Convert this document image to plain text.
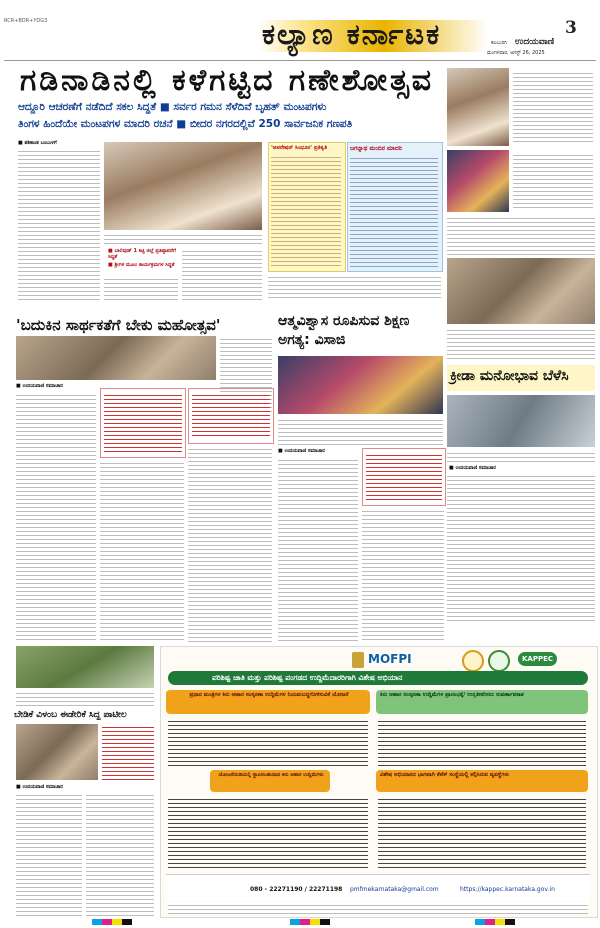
RCR+BDR+YDG3	ಕಲ್ಯಾಣ ಕರ್ನಾಟಕ	3
ಕಲಬುರಗಿ ಉದಯವಾಣಿ
ಮಂಗಳವಾರ, ಆಗಸ್ಟ್ 26, 2025
ಗಡಿನಾಡಿನಲ್ಲಿ ಕಳೆಗಟ್ಟಿದ ಗಣೇಶೋತ್ಸವ
ಆದ್ದೂರಿ ಆಚರಣೆಗೆ ನಡೆದಿದೆ ಸಕಲ ಸಿದ್ಧತೆ ■ ಸರ್ವರ ಗಮನ ಸೆಳೆದಿವೆ ಬೃಹತ್ ಮಂಟಪಗಳು
ತಿಂಗಳ ಹಿಂದೆಯೇ ಮಂಟಪಗಳ ಮಾದರಿ ರಚನೆ ■ ಬೀದರ ನಗರದಲ್ಲಿವೆ 250 ಸಾರ್ವಜನಿಕ ಗಣಪತಿ
ಕ್ರೀಡಾ ಮನೋಭಾವ ಬೆಳೆಸಿ
■ ಉದಯವಾಣಿ ಸಮಾಚಾರ
■ ಶಶಿಕಾಂತ ಬಂಬುಳಗೆ
■ ಬಾಲಿವುಡ್ 1 ಕಿಟ್ಟಿ ಜಿಲ್ಲೆ ಪ್ರತಿಷ್ಠಾಪನೆಗೆ ಸಿದ್ಧತೆ
■ ಶ್ರೀಗಳ ಮೂಲ ಕಾರ್ಯಕ್ರಮಗಳ ಸಿದ್ಧತೆ
'ಆಪರೇಷನ್ ಸಿಂಧೂರ' ಪ್ರತಿಕೃತಿ	ಜಗನ್ನಾಥ ಮಂದಿರ ಮಾದರಿ
'ಬದುಕಿನ ಸಾರ್ಥಕತೆಗೆ ಬೇಕು ಮಹೋತ್ಸವ'
■ ಉದಯವಾಣಿ ಸಮಾಚಾರ
ಆತ್ಮವಿಶ್ವಾಸ ರೂಪಿಸುವ ಶಿಕ್ಷಣ ಅಗತ್ಯ: ವಿಸಾಜಿ
■ ಉದಯವಾಣಿ ಸಮಾಚಾರ
ಬೇಡಿಕೆ ವಿಳಂಬ ಈಡೇರಿಕೆ ಸಿದ್ಧ ಪಾಟೀಲ
■ ಉದಯವಾಣಿ ಸಮಾಚಾರ
MOFPI	KAPPEC
ಪರಿಶಿಷ್ಟ ಜಾತಿ ಮತ್ತು ಪರಿಶಿಷ್ಟ ಪಂಗಡದ ಉದ್ದಿಮೆದಾರರಿಗಾಗಿ ವಿಶೇಷ ಅಭಿಯಾನ
ಪ್ರಧಾನ ಮಂತ್ರಿಗಳ ಕಿರು ಆಹಾರ ಸಂಸ್ಕರಣಾ ಉದ್ದಿಮೆಗಳ ನಿಯಮಬದ್ಧಗೊಳಿಸುವಿಕೆ ಯೋಜನೆ
ಯೋಜನೆಯಡಿಯಲ್ಲಿ ಸ್ಥಾಪಿಸಬಹುದಾದ ಕಿರು ಆಹಾರ ಉದ್ದಿಮೆಗಳು
ಕಿರು ಆಹಾರ ಸಂಸ್ಕರಣಾ ಉದ್ದಿಮೆಗಳ ಪ್ರಾರಂಭಕ್ಕೆ/ ಉನ್ನತೀಕರಿಸಲು ಸುವರ್ಣಾವಕಾಶ
ವಿಶೇಷ ಅಭಿಯಾನದ ಭಾಗವಾಗಿ ಕೆಪೆಕ್ ಸಂಸ್ಥೆಯಲ್ಲಿ ಕಲ್ಪಿಸಿರುವ ವ್ಯವಸ್ಥೆಗಳು
080 - 22271190 / 22271198 pmfmekarnataka@gmail.com	https://kappec.karnataka.gov.in
